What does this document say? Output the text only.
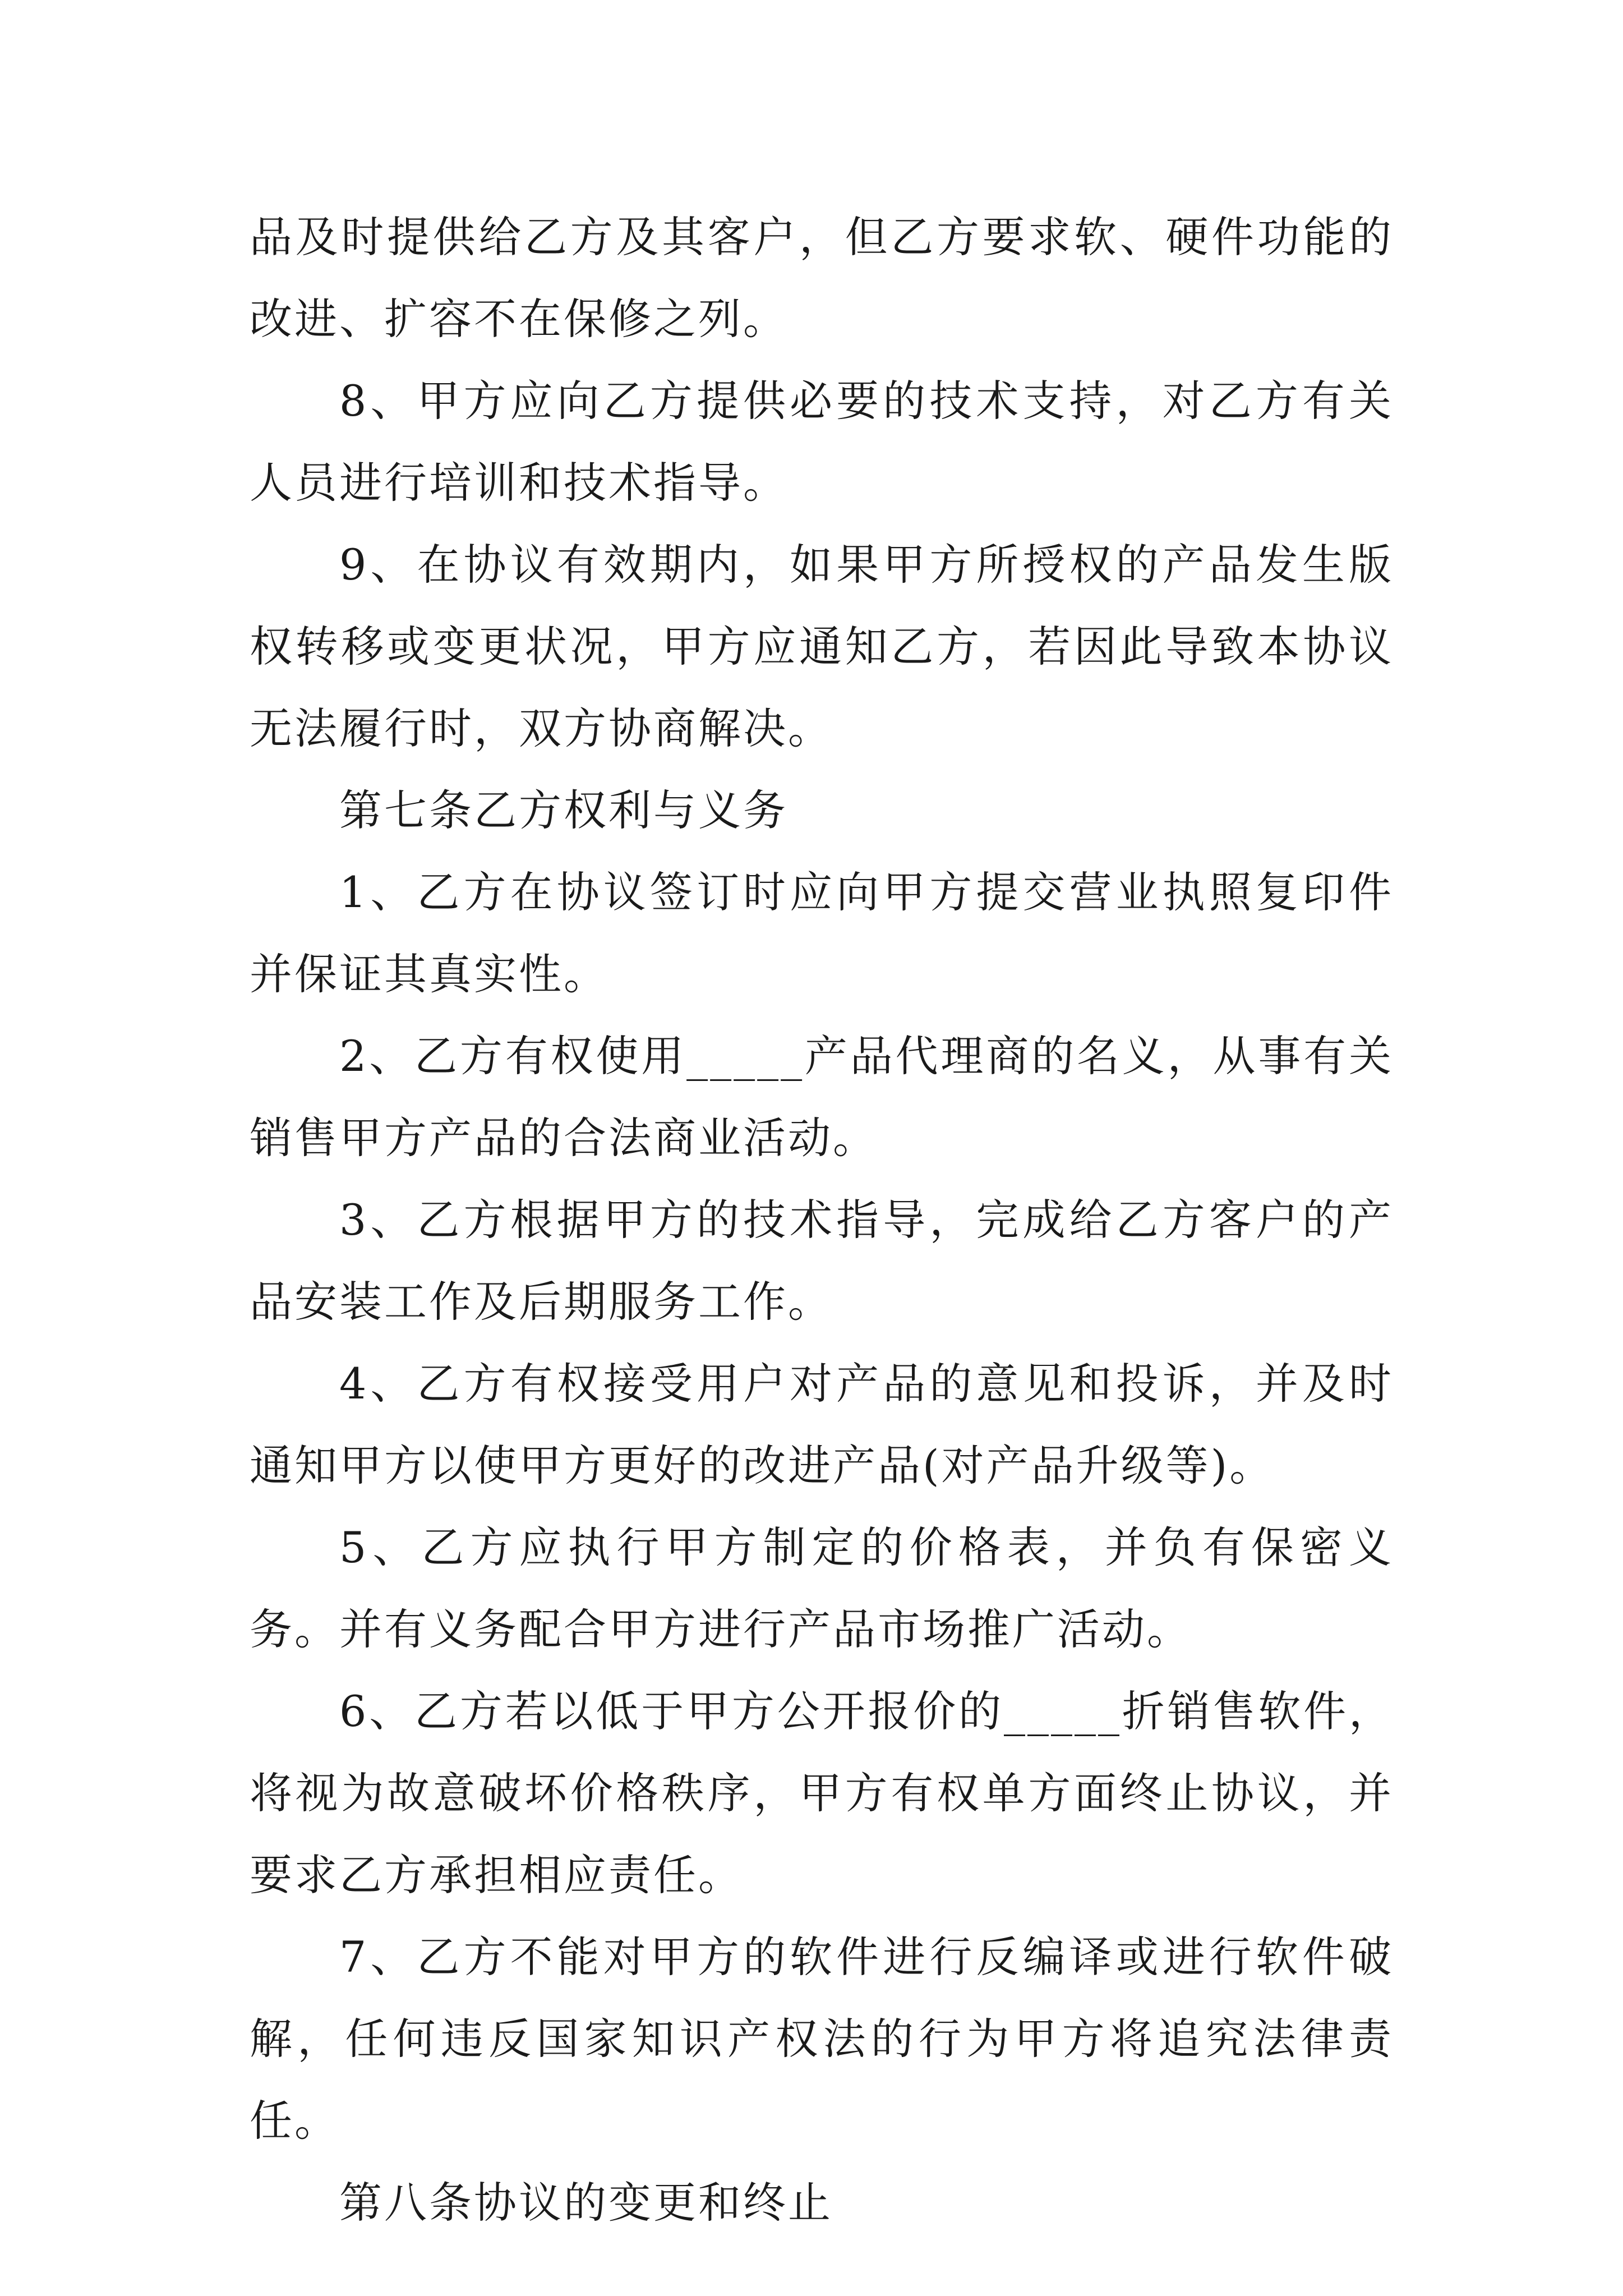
品及时提供给乙方及其客户，但乙方要求软、硬件功能的改进、扩容不在保修之列。

8、甲方应向乙方提供必要的技术支持，对乙方有关人员进行培训和技术指导。

9、在协议有效期内，如果甲方所授权的产品发生版权转移或变更状况，甲方应通知乙方，若因此导致本协议无法履行时，双方协商解决。

第七条乙方权利与义务

1、乙方在协议签订时应向甲方提交营业执照复印件并保证其真实性。

2、乙方有权使用_____产品代理商的名义，从事有关销售甲方产品的合法商业活动。

3、乙方根据甲方的技术指导，完成给乙方客户的产品安装工作及后期服务工作。

4、乙方有权接受用户对产品的意见和投诉，并及时通知甲方以使甲方更好的改进产品(对产品升级等)。

5、乙方应执行甲方制定的价格表，并负有保密义务。并有义务配合甲方进行产品市场推广活动。

6、乙方若以低于甲方公开报价的_____折销售软件，将视为故意破坏价格秩序，甲方有权单方面终止协议，并要求乙方承担相应责任。

7、乙方不能对甲方的软件进行反编译或进行软件破解，任何违反国家知识产权法的行为甲方将追究法律责任。

第八条协议的变更和终止
